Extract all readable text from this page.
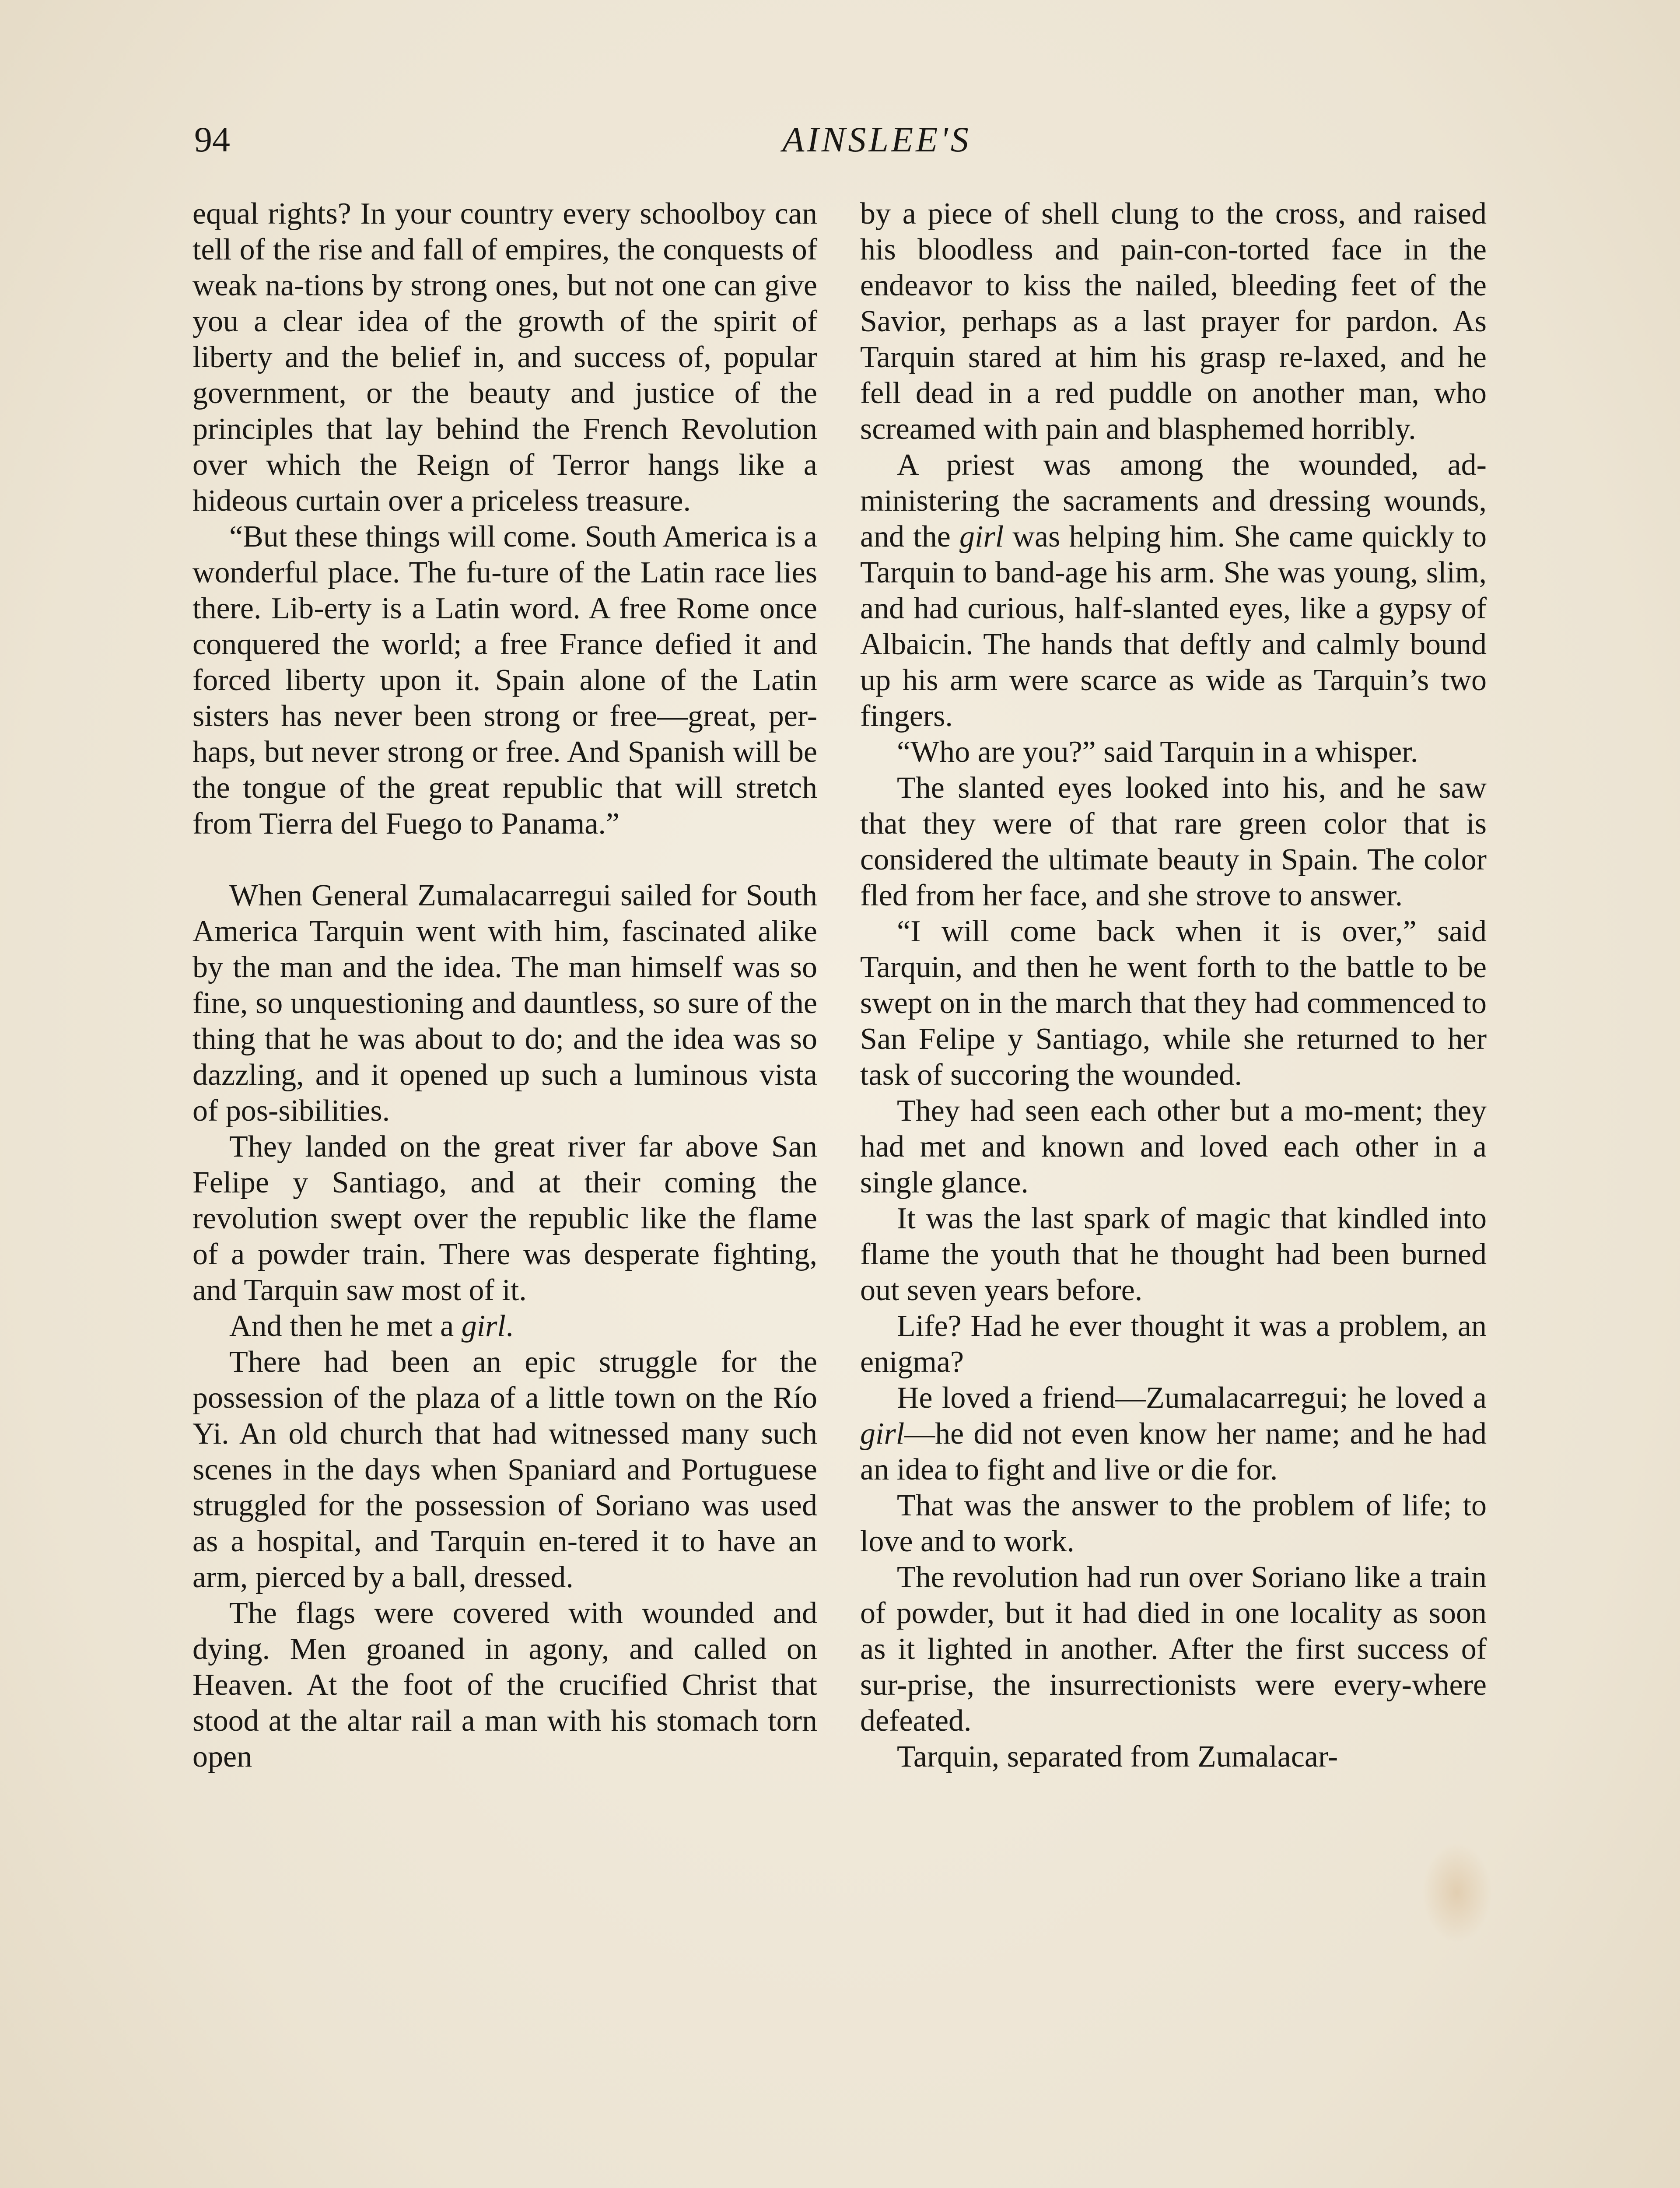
94	AINSLEE'S

equal rights? In your country every schoolboy can tell of the rise and fall of empires, the conquests of weak na-tions by strong ones, but not one can give you a clear idea of the growth of the spirit of liberty and the belief in, and success of, popular government, or the beauty and justice of the principles that lay behind the French Revolution over which the Reign of Terror hangs like a hideous curtain over a priceless treasure.

“But these things will come. South America is a wonderful place. The fu-ture of the Latin race lies there. Lib-erty is a Latin word. A free Rome once conquered the world; a free France defied it and forced liberty upon it. Spain alone of the Latin sisters has never been strong or free—great, per-haps, but never strong or free. And Spanish will be the tongue of the great republic that will stretch from Tierra del Fuego to Panama.”

When General Zumalacarregui sailed for South America Tarquin went with him, fascinated alike by the man and the idea. The man himself was so fine, so unquestioning and dauntless, so sure of the thing that he was about to do; and the idea was so dazzling, and it opened up such a luminous vista of pos-sibilities.

They landed on the great river far above San Felipe y Santiago, and at their coming the revolution swept over the republic like the flame of a powder train. There was desperate fighting, and Tarquin saw most of it.

And then he met a girl.

There had been an epic struggle for the possession of the plaza of a little town on the Río Yi. An old church that had witnessed many such scenes in the days when Spaniard and Portuguese struggled for the possession of Soriano was used as a hospital, and Tarquin en-tered it to have an arm, pierced by a ball, dressed.

The flags were covered with wounded and dying. Men groaned in agony, and called on Heaven. At the foot of the crucified Christ that stood at the altar rail a man with his stomach torn open

by a piece of shell clung to the cross, and raised his bloodless and pain-con-torted face in the endeavor to kiss the nailed, bleeding feet of the Savior, perhaps as a last prayer for pardon. As Tarquin stared at him his grasp re-laxed, and he fell dead in a red puddle on another man, who screamed with pain and blasphemed horribly.

A priest was among the wounded, ad-ministering the sacraments and dressing wounds, and the girl was helping him. She came quickly to Tarquin to band-age his arm. She was young, slim, and had curious, half-slanted eyes, like a gypsy of Albaicin. The hands that deftly and calmly bound up his arm were scarce as wide as Tarquin’s two fingers.

“Who are you?” said Tarquin in a whisper.

The slanted eyes looked into his, and he saw that they were of that rare green color that is considered the ultimate beauty in Spain. The color fled from her face, and she strove to answer.

“I will come back when it is over,” said Tarquin, and then he went forth to the battle to be swept on in the march that they had commenced to San Felipe y Santiago, while she returned to her task of succoring the wounded.

They had seen each other but a mo-ment; they had met and known and loved each other in a single glance.

It was the last spark of magic that kindled into flame the youth that he thought had been burned out seven years before.

Life? Had he ever thought it was a problem, an enigma?

He loved a friend—Zumalacarregui; he loved a girl—he did not even know her name; and he had an idea to fight and live or die for.

That was the answer to the problem of life; to love and to work.

The revolution had run over Soriano like a train of powder, but it had died in one locality as soon as it lighted in another. After the first success of sur-prise, the insurrectionists were every-where defeated.

Tarquin, separated from Zumalacar-
